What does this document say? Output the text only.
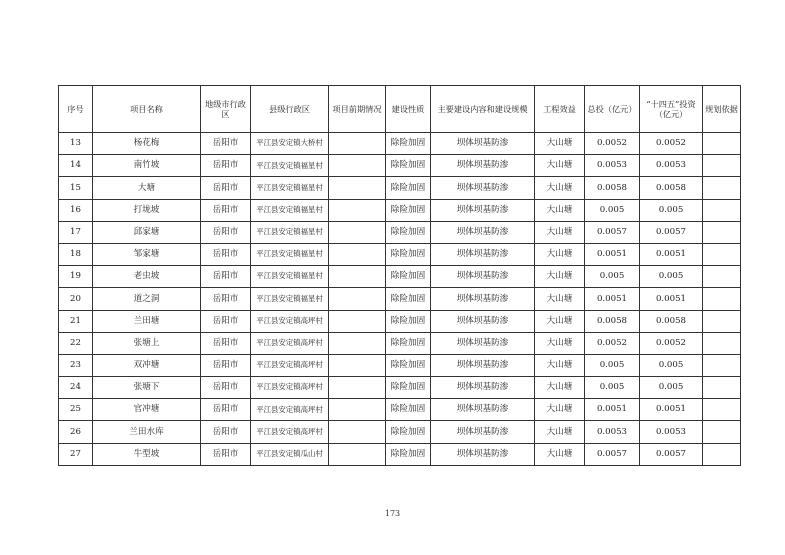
序号	项目名称	地级市行政区	县级行政区	项目前期情况	建设性质	主要建设内容和建设规模	工程效益	总投（亿元）	“十四五”投资（亿元）	规划依据
13	杨花梅	岳阳市	平江县安定镇大桥村		除险加固	坝体坝基防渗	大山塘	0.0052	0.0052	
14	南竹坡	岳阳市	平江县安定镇福星村		除险加固	坝体坝基防渗	大山塘	0.0053	0.0053	
15	大塘	岳阳市	平江县安定镇福星村		除险加固	坝体坝基防渗	大山塘	0.0058	0.0058	
16	打垅坡	岳阳市	平江县安定镇福星村		除险加固	坝体坝基防渗	大山塘	0.005	0.005	
17	邱家塘	岳阳市	平江县安定镇福星村		除险加固	坝体坝基防渗	大山塘	0.0057	0.0057	
18	邹家塘	岳阳市	平江县安定镇福星村		除险加固	坝体坝基防渗	大山塘	0.0051	0.0051	
19	老虫坡	岳阳市	平江县安定镇福星村		除险加固	坝体坝基防渗	大山塘	0.005	0.005	
20	道之洞	岳阳市	平江县安定镇福星村		除险加固	坝体坝基防渗	大山塘	0.0051	0.0051	
21	兰田塘	岳阳市	平江县安定镇高坪村		除险加固	坝体坝基防渗	大山塘	0.0058	0.0058	
22	张塘上	岳阳市	平江县安定镇高坪村		除险加固	坝体坝基防渗	大山塘	0.0052	0.0052	
23	双冲塘	岳阳市	平江县安定镇高坪村		除险加固	坝体坝基防渗	大山塘	0.005	0.005	
24	张塘下	岳阳市	平江县安定镇高坪村		除险加固	坝体坝基防渗	大山塘	0.005	0.005	
25	官冲塘	岳阳市	平江县安定镇高坪村		除险加固	坝体坝基防渗	大山塘	0.0051	0.0051	
26	兰田水库	岳阳市	平江县安定镇高坪村		除险加固	坝体坝基防渗	大山塘	0.0053	0.0053	
27	牛型坡	岳阳市	平江县安定镇瓜山村		除险加固	坝体坝基防渗	大山塘	0.0057	0.0057	
173
